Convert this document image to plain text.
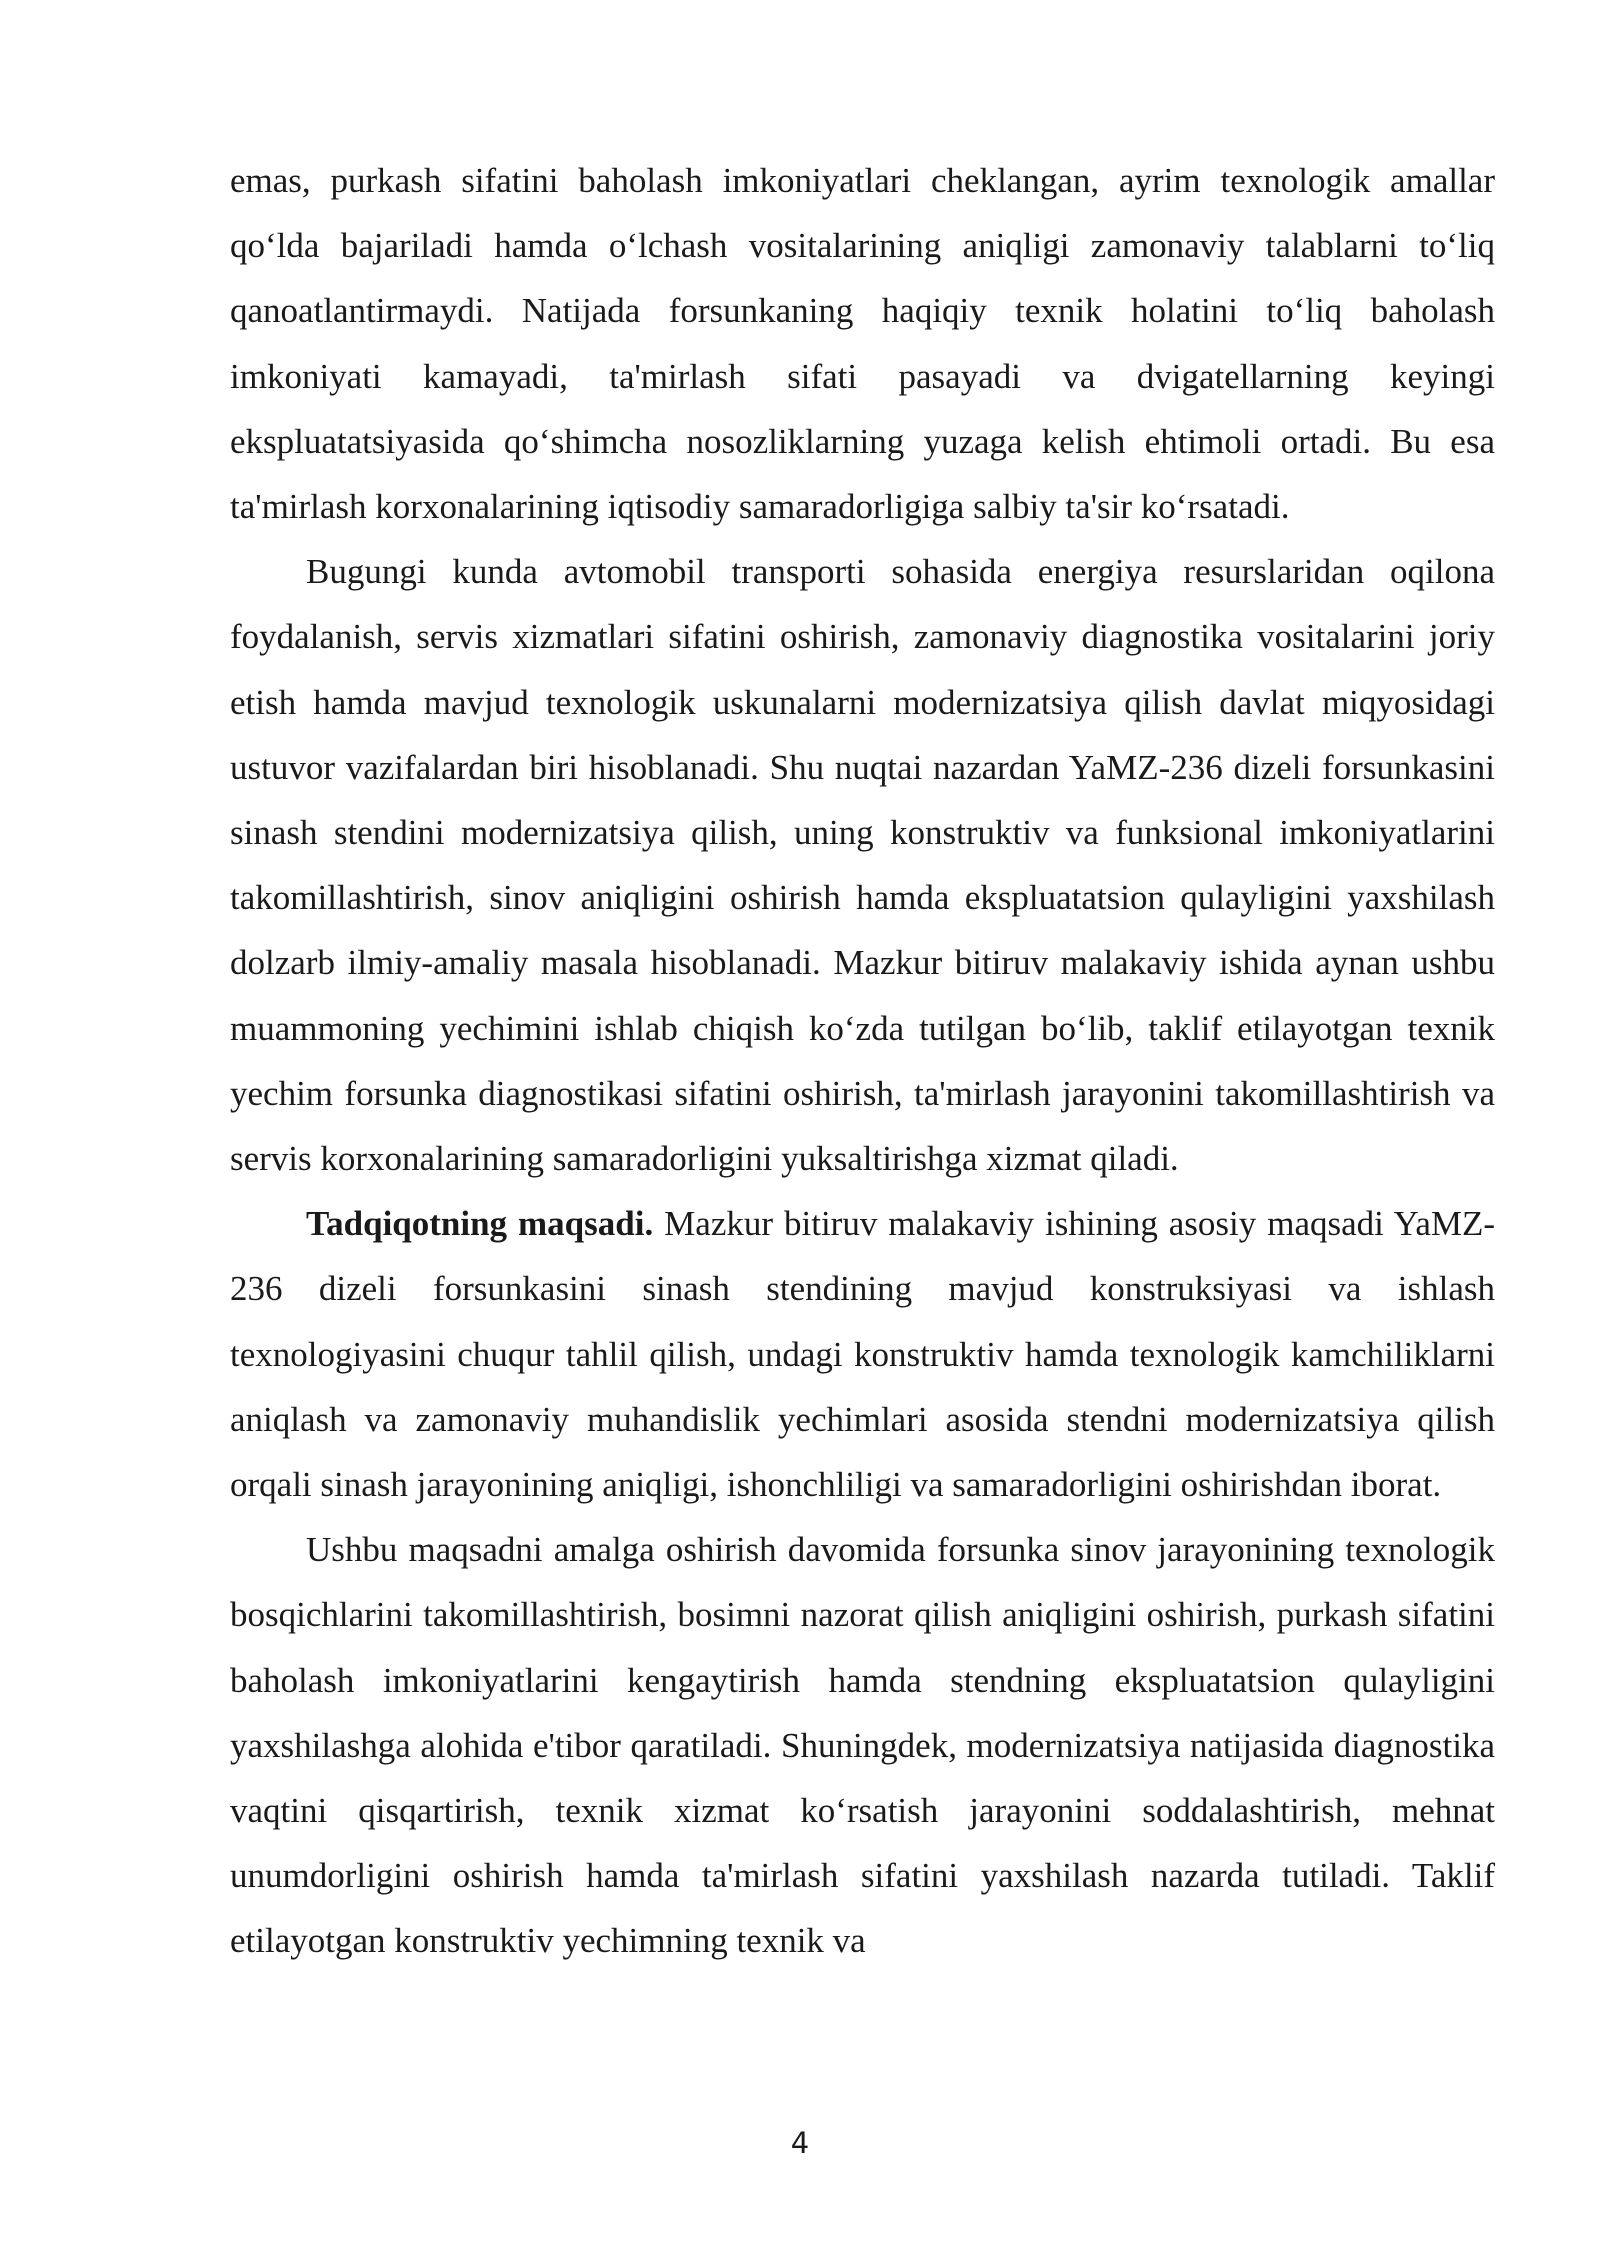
emas, purkash sifatini baholash imkoniyatlari cheklangan, ayrim texnologik amallar qo‘lda bajariladi hamda o‘lchash vositalarining aniqligi zamonaviy talablarni to‘liq qanoatlantirmaydi. Natijada forsunkaning haqiqiy texnik holatini to‘liq baholash imkoniyati kamayadi, ta'mirlash sifati pasayadi va dvigatellarning keyingi ekspluatatsiyasida qo‘shimcha nosozliklarning yuzaga kelish ehtimoli ortadi. Bu esa ta'mirlash korxonalarining iqtisodiy samaradorligiga salbiy ta'sir ko‘rsatadi.

Bugungi kunda avtomobil transporti sohasida energiya resurslaridan oqilona foydalanish, servis xizmatlari sifatini oshirish, zamonaviy diagnostika vositalarini joriy etish hamda mavjud texnologik uskunalarni modernizatsiya qilish davlat miqyosidagi ustuvor vazifalardan biri hisoblanadi. Shu nuqtai nazardan YaMZ-236 dizeli forsunkasini sinash stendini modernizatsiya qilish, uning konstruktiv va funksional imkoniyatlarini takomillashtirish, sinov aniqligini oshirish hamda ekspluatatsion qulayligini yaxshilash dolzarb ilmiy-amaliy masala hisoblanadi. Mazkur bitiruv malakaviy ishida aynan ushbu muammoning yechimini ishlab chiqish ko‘zda tutilgan bo‘lib, taklif etilayotgan texnik yechim forsunka diagnostikasi sifatini oshirish, ta'mirlash jarayonini takomillashtirish va servis korxonalarining samaradorligini yuksaltirishga xizmat qiladi.

Tadqiqotning maqsadi. Mazkur bitiruv malakaviy ishining asosiy maqsadi YaMZ-236 dizeli forsunkasini sinash stendining mavjud konstruksiyasi va ishlash texnologiyasini chuqur tahlil qilish, undagi konstruktiv hamda texnologik kamchiliklarni aniqlash va zamonaviy muhandislik yechimlari asosida stendni modernizatsiya qilish orqali sinash jarayonining aniqligi, ishonchliligi va samaradorligini oshirishdan iborat.

Ushbu maqsadni amalga oshirish davomida forsunka sinov jarayonining texnologik bosqichlarini takomillashtirish, bosimni nazorat qilish aniqligini oshirish, purkash sifatini baholash imkoniyatlarini kengaytirish hamda stendning ekspluatatsion qulayligini yaxshilashga alohida e'tibor qaratiladi. Shuningdek, modernizatsiya natijasida diagnostika vaqtini qisqartirish, texnik xizmat ko‘rsatish jarayonini soddalashtirish, mehnat unumdorligini oshirish hamda ta'mirlash sifatini yaxshilash nazarda tutiladi. Taklif etilayotgan konstruktiv yechimning texnik va

4
